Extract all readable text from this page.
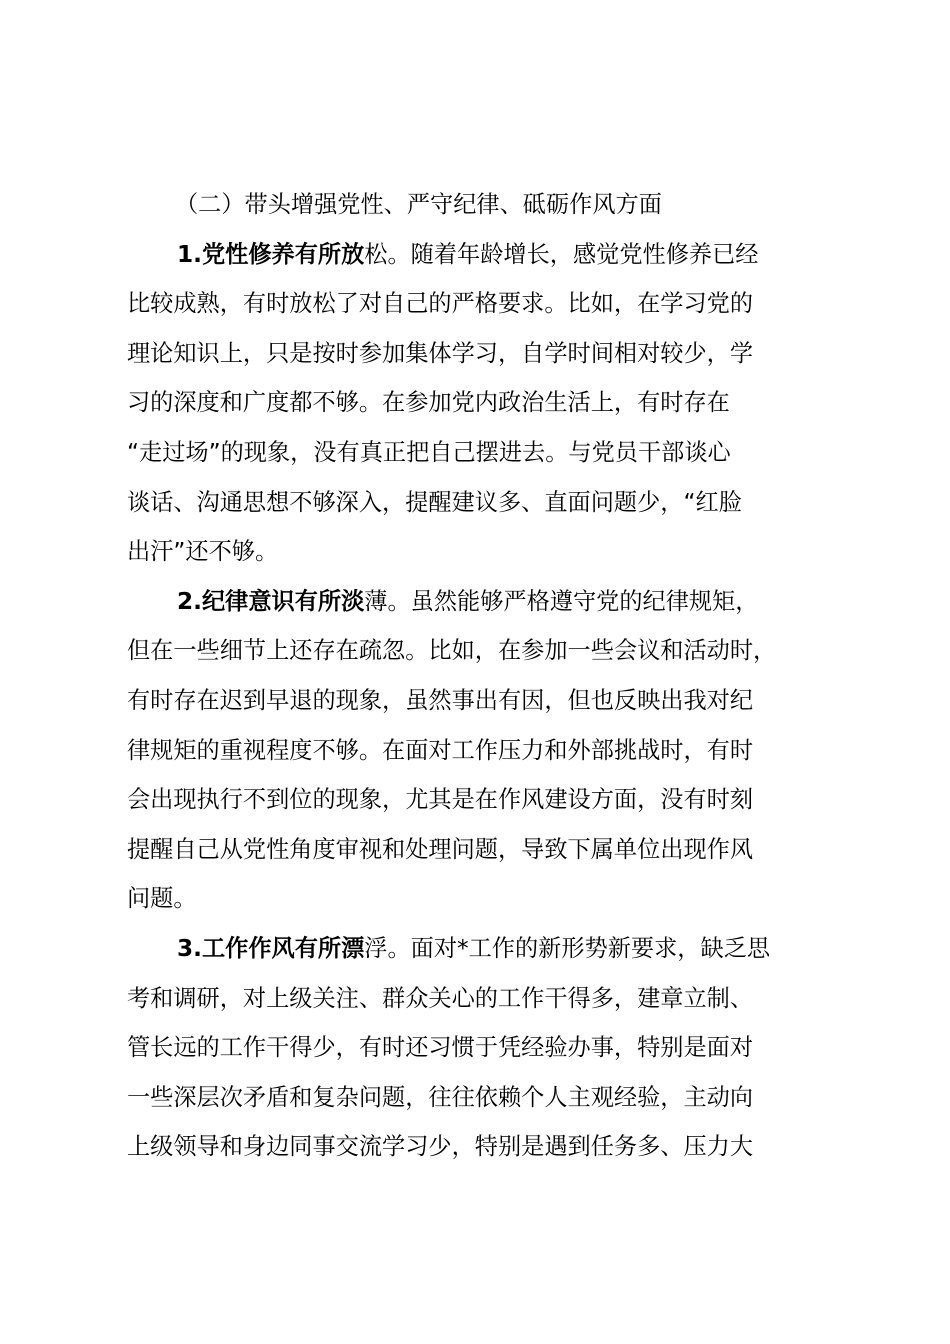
（二）带头增强党性、严守纪律、砥砺作风方面
1.党性修养有所放松。随着年龄增长，感觉党性修养已经
比较成熟，有时放松了对自己的严格要求。比如，在学习党的
理论知识上，只是按时参加集体学习，自学时间相对较少，学
习的深度和广度都不够。在参加党内政治生活上，有时存在
“走过场”的现象，没有真正把自己摆进去。与党员干部谈心
谈话、沟通思想不够深入，提醒建议多、直面问题少，“红脸
出汗”还不够。
2.纪律意识有所淡薄。虽然能够严格遵守党的纪律规矩，
但在一些细节上还存在疏忽。比如，在参加一些会议和活动时，
有时存在迟到早退的现象，虽然事出有因，但也反映出我对纪
律规矩的重视程度不够。在面对工作压力和外部挑战时，有时
会出现执行不到位的现象，尤其是在作风建设方面，没有时刻
提醒自己从党性角度审视和处理问题，导致下属单位出现作风
问题。
3.工作作风有所漂浮。面对*工作的新形势新要求，缺乏思
考和调研，对上级关注、群众关心的工作干得多，建章立制、
管长远的工作干得少，有时还习惯于凭经验办事，特别是面对
一些深层次矛盾和复杂问题，往往依赖个人主观经验，主动向
上级领导和身边同事交流学习少，特别是遇到任务多、压力大
